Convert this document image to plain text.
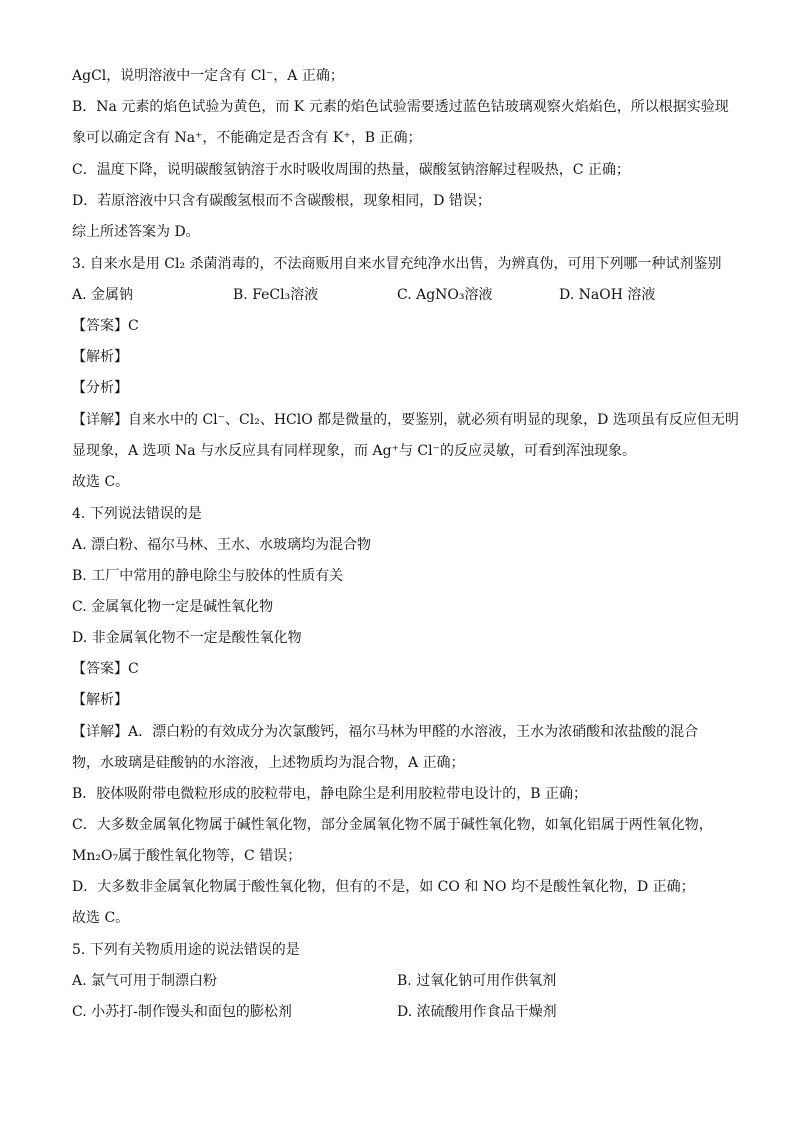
AgCl，说明溶液中一定含有 Cl⁻，A 正确；
B．Na 元素的焰色试验为黄色，而 K 元素的焰色试验需要透过蓝色钴玻璃观察火焰焰色，所以根据实验现
象可以确定含有 Na⁺，不能确定是否含有 K⁺，B 正确；
C．温度下降，说明碳酸氢钠溶于水时吸收周围的热量，碳酸氢钠溶解过程吸热，C 正确；
D．若原溶液中只含有碳酸氢根而不含碳酸根，现象相同，D 错误；
综上所述答案为 D。
3. 自来水是用 Cl₂ 杀菌消毒的，不法商贩用自来水冒充纯净水出售，为辨真伪，可用下列哪一种试剂鉴别
A. 金属钠	B. FeCl₃溶液	C. AgNO₃溶液	D. NaOH 溶液
【答案】C
【解析】
【分析】
【详解】自来水中的 Cl⁻、Cl₂、HClO 都是微量的，要鉴别，就必须有明显的现象，D 选项虽有反应但无明
显现象，A 选项 Na 与水反应具有同样现象，而 Ag⁺与 Cl⁻的反应灵敏，可看到浑浊现象。
故选 C。
4. 下列说法错误的是
A. 漂白粉、福尔马林、王水、水玻璃均为混合物
B. 工厂中常用的静电除尘与胶体的性质有关
C. 金属氧化物一定是碱性氧化物
D. 非金属氧化物不一定是酸性氧化物
【答案】C
【解析】
【详解】A．漂白粉的有效成分为次氯酸钙，福尔马林为甲醛的水溶液，王水为浓硝酸和浓盐酸的混合
物，水玻璃是硅酸钠的水溶液，上述物质均为混合物，A 正确；
B．胶体吸附带电微粒形成的胶粒带电，静电除尘是利用胶粒带电设计的，B 正确；
C．大多数金属氧化物属于碱性氧化物，部分金属氧化物不属于碱性氧化物，如氧化铝属于两性氧化物，
Mn₂O₇属于酸性氧化物等，C 错误；
D．大多数非金属氧化物属于酸性氧化物，但有的不是，如 CO 和 NO 均不是酸性氧化物，D 正确；
故选 C。
5. 下列有关物质用途的说法错误的是
A. 氯气可用于制漂白粉	B. 过氧化钠可用作供氧剂
C. 小苏打-制作馒头和面包的膨松剂	D. 浓硫酸用作食品干燥剂
